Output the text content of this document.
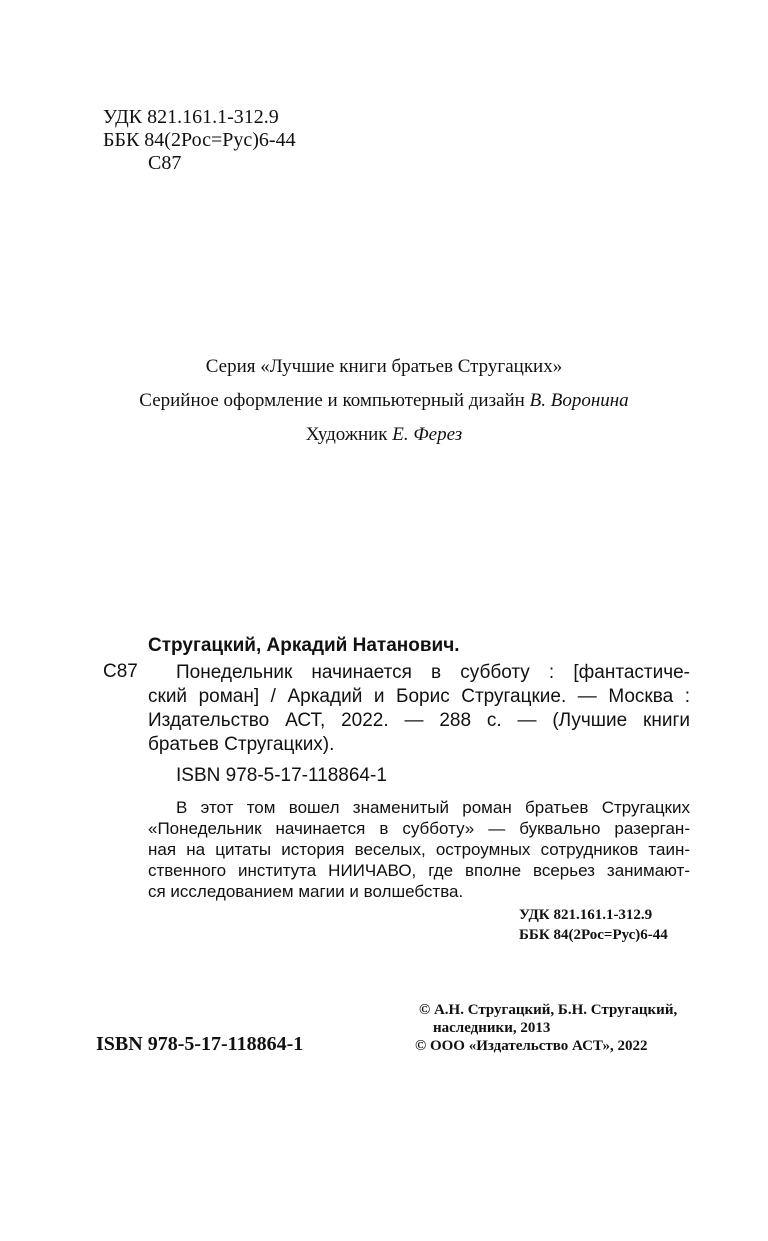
УДК 821.161.1-312.9
ББК 84(2Рос=Рус)6-44
С87
Серия «Лучшие книги братьев Стругацких»
Серийное оформление и компьютерный дизайн В. Воронина
Художник Е. Ферез
Стругацкий, Аркадий Натанович.
С87 Понедельник начинается в субботу : [фантастиче-
ский роман] / Аркадий и Борис Стругацкие. — Москва :
Издательство АСТ, 2022. — 288 с. — (Лучшие книги
братьев Стругацких).
ISBN 978-5-17-118864-1
В этот том вошел знаменитый роман братьев Стругацких
«Понедельник начинается в субботу» — буквально разерган-
ная на цитаты история веселых, остроумных сотрудников таин-
ственного института НИИЧАВО, где вполне всерьез занимают-
ся исследованием магии и волшебства.
УДК 821.161.1-312.9
ББК 84(2Рос=Рус)6-44
© А.Н. Стругацкий, Б.Н. Стругацкий,
наследники, 2013
© ООО «Издательство АСТ», 2022
ISBN 978-5-17-118864-1
